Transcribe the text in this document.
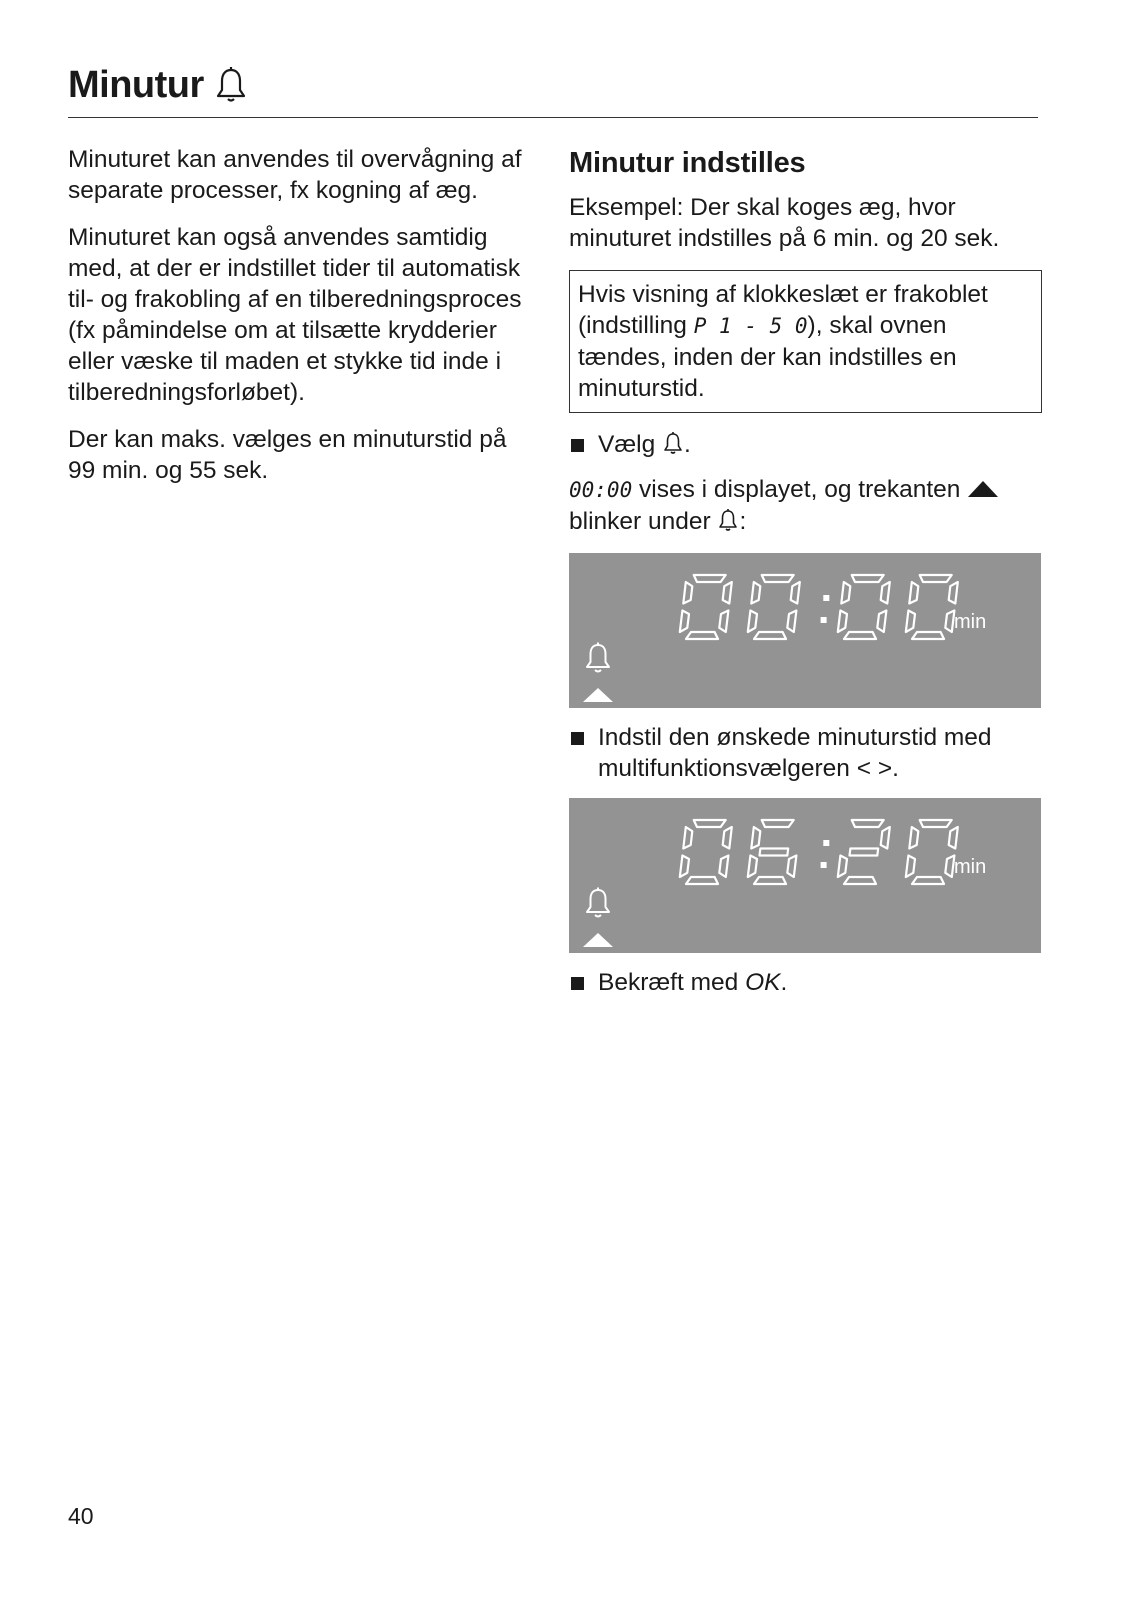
Minutur

Minuturet kan anvendes til overvågning af separate processer, fx kogning af æg.

Minuturet kan også anvendes samtidig med, at der er indstillet tider til automatisk til- og frakobling af en tilberedningsproces (fx påmindelse om at tilsætte krydderier eller væske til maden et stykke tid inde i tilberedningsforløbet).

Der kan maks. vælges en minuturstid på 99 min. og 55 sek.

Minutur indstilles

Eksempel: Der skal koges æg, hvor minuturet indstilles på 6 min. og 20 sek.

Hvis visning af klokkeslæt er frakoblet (indstilling P 1 - 5 0), skal ovnen tændes, inden der kan indstilles en minuturstid.
Vælg .

00:00 vises i displayet, og trekanten  blinker under :

min
Indstil den ønskede minuturstid med multifunktionsvælgeren < >.
min
Bekræft med OK.
40
